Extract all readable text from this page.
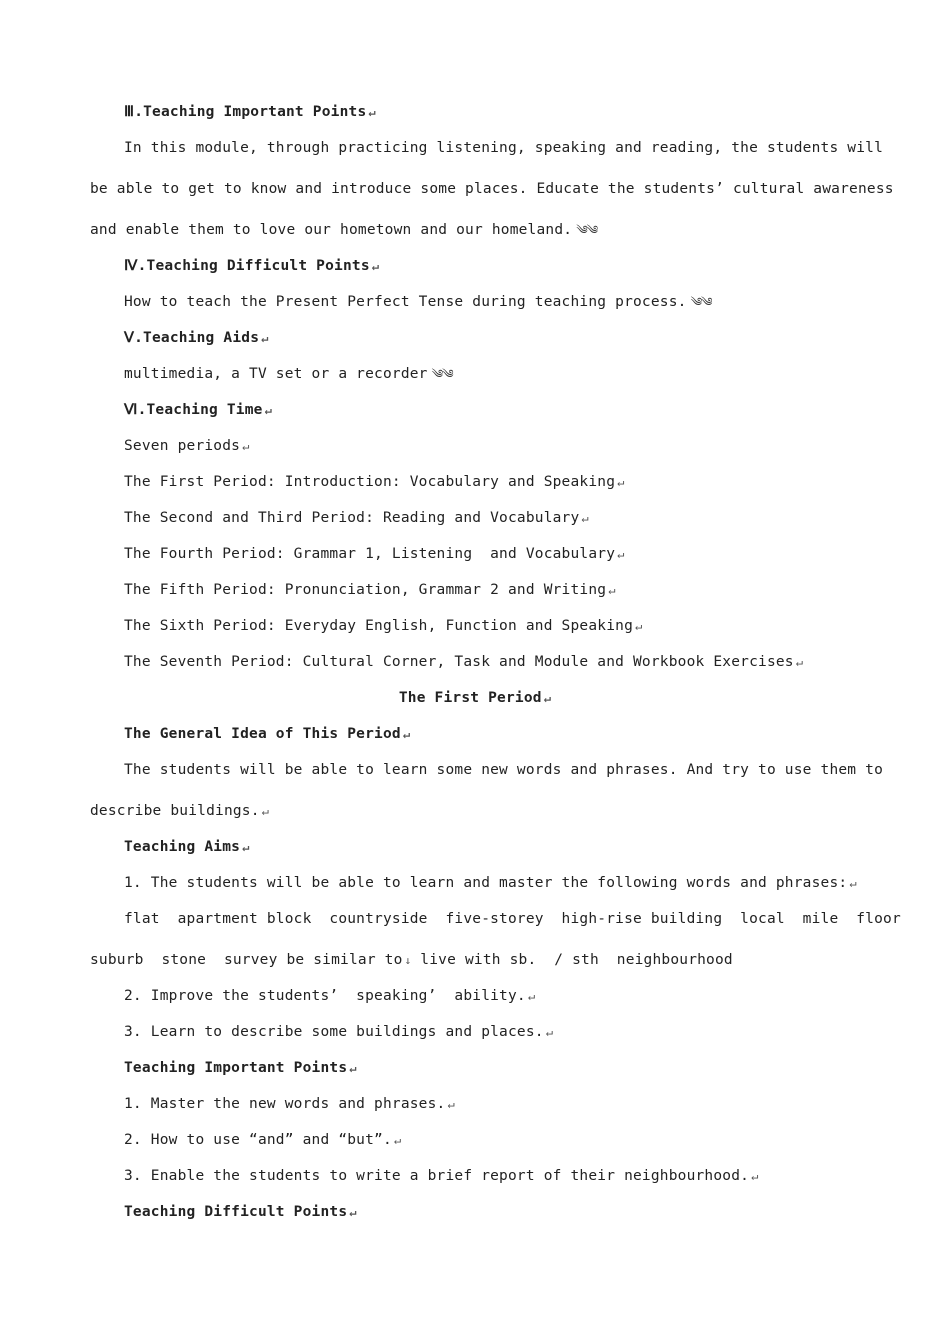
Ⅲ.Teaching Important Points ↵
In this module, through practicing listening, speaking and reading, the students will
be able to get to know and introduce some places. Educate the students’ cultural awareness
and enable them to love our hometown and our homeland. ༄༄
Ⅳ.Teaching Difficult Points ↵
How to teach the Present Perfect Tense during teaching process. ༄༄
Ⅴ.Teaching Aids ↵
multimedia, a TV set or a recorder ༄༄
Ⅵ.Teaching Time ↵
Seven periods ↵
The First Period: Introduction: Vocabulary and Speaking ↵
The Second and Third Period: Reading and Vocabulary ↵
The Fourth Period: Grammar 1, Listening  and Vocabulary ↵
The Fifth Period: Pronunciation, Grammar 2 and Writing ↵
The Sixth Period: Everyday English, Function and Speaking ↵
The Seventh Period: Cultural Corner, Task and Module and Workbook Exercises ↵
The First Period ↵
The General Idea of This Period ↵
The students will be able to learn some new words and phrases. And try to use them to
describe buildings. ↵
Teaching Aims ↵
1. The students will be able to learn and master the following words and phrases: ↵
flat  apartment block  countryside  five-storey  high-rise building  local  mile  floor
suburb  stone  survey be similar to ↓ live with sb.  / sth  neighbourhood
2. Improve the students’  speaking’  ability. ↵
3. Learn to describe some buildings and places. ↵
Teaching Important Points ↵
1. Master the new words and phrases. ↵
2. How to use “and” and “but”. ↵
3. Enable the students to write a brief report of their neighbourhood. ↵
Teaching Difficult Points ↵
